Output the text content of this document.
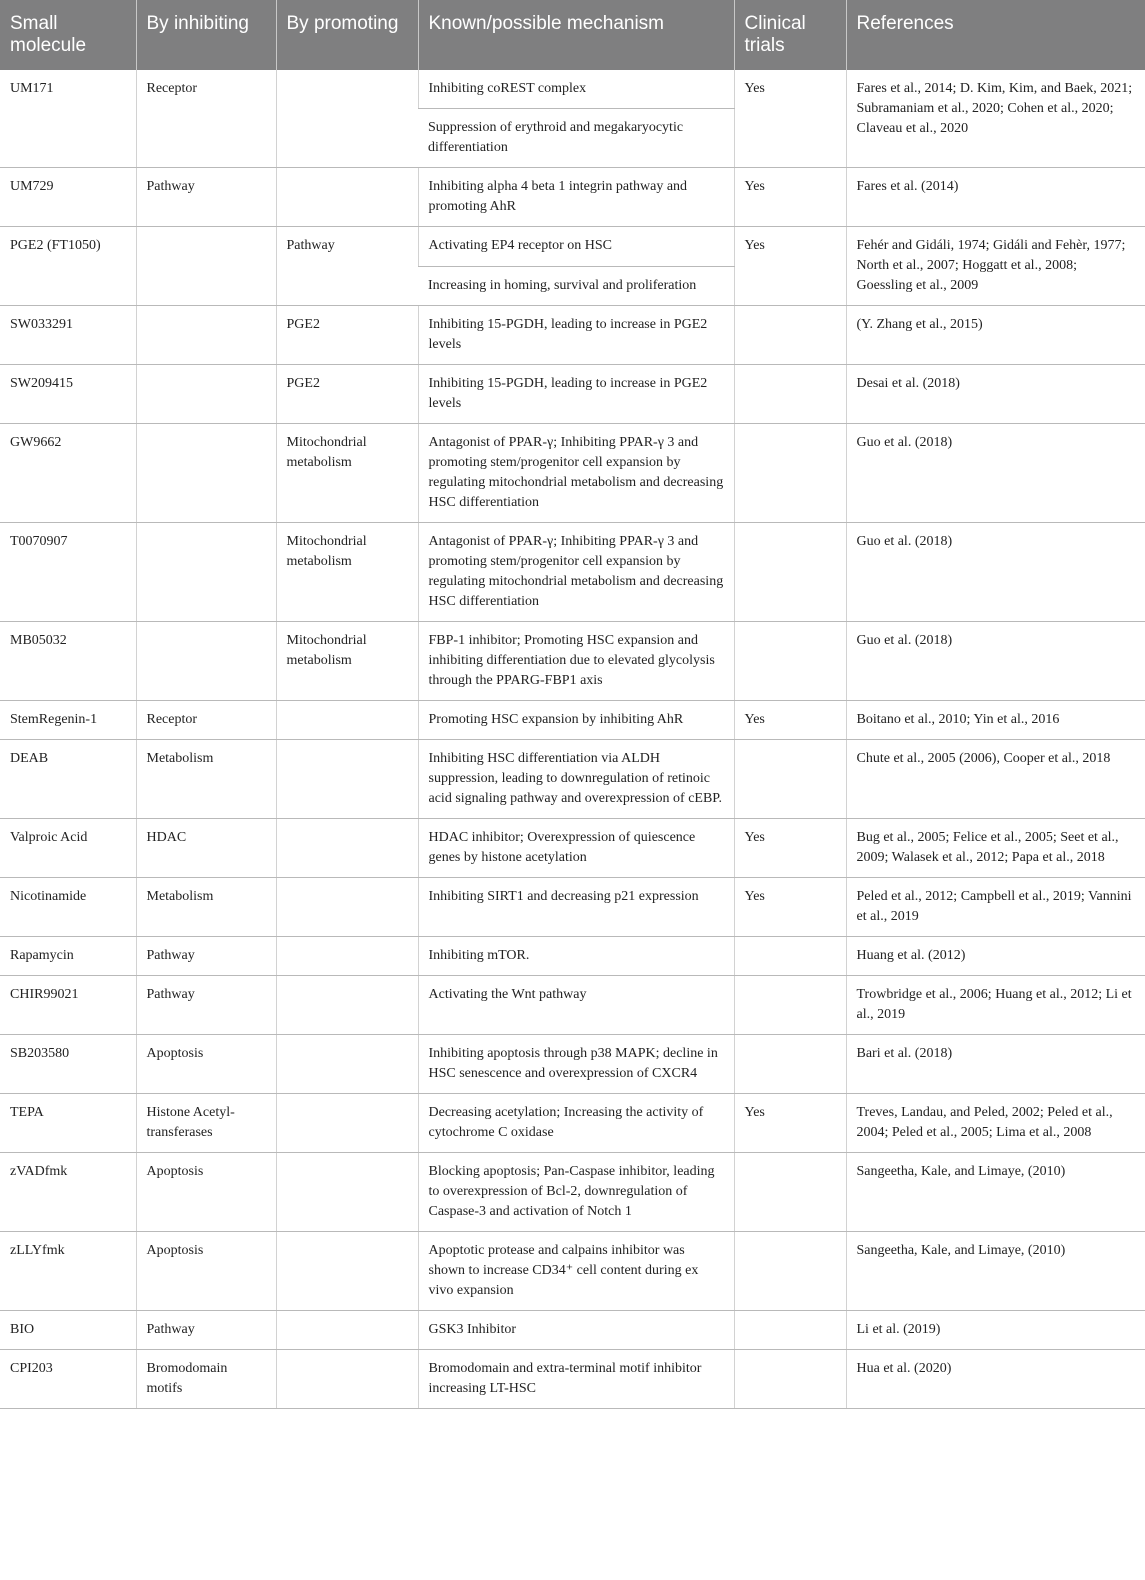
Small molecule	By inhibiting	By promoting	Known/possible mechanism	Clinical trials	References
UM171	Receptor		Inhibiting coREST complex	Yes	Fares et al., 2014; D. Kim, Kim, and Baek, 2021; Subramaniam et al., 2020; Cohen et al., 2020; Claveau et al., 2020
			Suppression of erythroid and megakaryocytic differentiation		
UM729	Pathway		Inhibiting alpha 4 beta 1 integrin pathway and promoting AhR	Yes	Fares et al. (2014)
PGE2 (FT1050)		Pathway	Activating EP4 receptor on HSC	Yes	Fehér and Gidáli, 1974; Gidáli and Fehèr, 1977; North et al., 2007; Hoggatt et al., 2008; Goessling et al., 2009
			Increasing in homing, survival and proliferation		
SW033291		PGE2	Inhibiting 15-PGDH, leading to increase in PGE2 levels		(Y. Zhang et al., 2015)
SW209415		PGE2	Inhibiting 15-PGDH, leading to increase in PGE2 levels		Desai et al. (2018)
GW9662		Mitochondrial metabolism	Antagonist of PPAR-γ; Inhibiting PPAR-γ 3 and promoting stem/progenitor cell expansion by regulating mitochondrial metabolism and decreasing HSC differentiation		Guo et al. (2018)
T0070907		Mitochondrial metabolism	Antagonist of PPAR-γ; Inhibiting PPAR-γ 3 and promoting stem/progenitor cell expansion by regulating mitochondrial metabolism and decreasing HSC differentiation		Guo et al. (2018)
MB05032		Mitochondrial metabolism	FBP-1 inhibitor; Promoting HSC expansion and inhibiting differentiation due to elevated glycolysis through the PPARG-FBP1 axis		Guo et al. (2018)
StemRegenin-1	Receptor		Promoting HSC expansion by inhibiting AhR	Yes	Boitano et al., 2010; Yin et al., 2016
DEAB	Metabolism		Inhibiting HSC differentiation via ALDH suppression, leading to downregulation of retinoic acid signaling pathway and overexpression of cEBP.		Chute et al., 2005 (2006), Cooper et al., 2018
Valproic Acid	HDAC		HDAC inhibitor; Overexpression of quiescence genes by histone acetylation	Yes	Bug et al., 2005; Felice et al., 2005; Seet et al., 2009; Walasek et al., 2012; Papa et al., 2018
Nicotinamide	Metabolism		Inhibiting SIRT1 and decreasing p21 expression	Yes	Peled et al., 2012; Campbell et al., 2019; Vannini et al., 2019
Rapamycin	Pathway		Inhibiting mTOR.		Huang et al. (2012)
CHIR99021	Pathway		Activating the Wnt pathway		Trowbridge et al., 2006; Huang et al., 2012; Li et al., 2019
SB203580	Apoptosis		Inhibiting apoptosis through p38 MAPK; decline in HSC senescence and overexpression of CXCR4		Bari et al. (2018)
TEPA	Histone Acetyl-transferases		Decreasing acetylation; Increasing the activity of cytochrome C oxidase	Yes	Treves, Landau, and Peled, 2002; Peled et al., 2004; Peled et al., 2005; Lima et al., 2008
zVADfmk	Apoptosis		Blocking apoptosis; Pan-Caspase inhibitor, leading to overexpression of Bcl-2, downregulation of Caspase-3 and activation of Notch 1		Sangeetha, Kale, and Limaye, (2010)
zLLYfmk	Apoptosis		Apoptotic protease and calpains inhibitor was shown to increase CD34⁺ cell content during ex vivo expansion		Sangeetha, Kale, and Limaye, (2010)
BIO	Pathway		GSK3 Inhibitor		Li et al. (2019)
CPI203	Bromodomain motifs		Bromodomain and extra-terminal motif inhibitor increasing LT-HSC		Hua et al. (2020)
